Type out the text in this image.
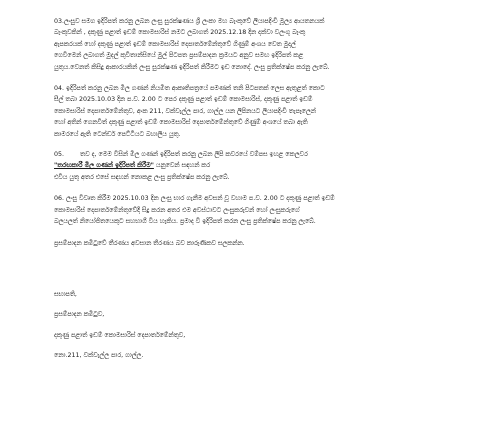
03.ලංසුව සමග ඉදිරිපත් කරනු ලබන ලංසු සුරක්ෂණය ශ්‍රී ලංකා මහ බැංකුවේ ලියාපදිංචි මූල්‍ය ආයතනයක්
බැංකුවකින් , දකුණු පළාත් ඉඩම් කොමසාරිස් නමට ලබාගත් 2025.12.18 දින දක්වා වලංගු බැංකු
ඇපකරයක් හෝ දකුණු පළාත් ඉඩම් කොමසාරිස් දෙපාර්තමේන්තුවේ ගිණුම් අංශය වෙත මුදල්
ගෙවීමෙන් ලබාගත් මුදල් කුවිතාන්සියේ මුල් පිටපත ප්‍රසම්පාදන ක්‍රමයට අනුව සමඟ ඉදිරිපත් කළ
යුතුය.වෙනත් කිසිදු ආකාරයකින් ලංසු සුරක්ෂණ ඉදිරිපත් කිරීමට ඉඩ නොදේ. ලංසු ප්‍රතික්ෂේප කරනු ලැබේ.

04. ඉදිරිපත් කරනු ලබන මිල ගණන් නියමිත ආකෘතිපත්‍රයේ පමණක් තනි පිටපතක් ලෙස ඇතුළත් කොට
සීල් තබා 2025.10.03 දින ප.ව. 2.00 ට පෙර දකුණු පළාත් ඉඩම් කොමසාරිස්, දකුණු පළාත් ඉඩම්
කොමසාරිස් දෙපාර්තමේන්තුව, අංක 211, වක්වැල්ල පාර, ගාල්ල යන ලිපිනයට ලියාපදිංචි තැපෑලෙන්
හෝ අතින් ගෙනවිත් දකුණු පළාත් ඉඩම් කොමසාරිස් දෙපාර්තමේන්තුවේ ගිණුම් අංශයේ තබා ඇති
කාමරයේ ඇති ටෙන්ඩර් පෙට්ටියට බහාලිය යුතු.

05.	තව ද, මෙම විසින් මිල ගණන් ඉදිරිපත් කරනු ලබන ලිපි කවරයේ වම්පස ඉහළ කෙලවර
"තරඟකාරී මිල ගණන් ඉදිරිපත් කිරීම" යනුවෙන් සඳහන් කර
එවිය යුතු අතර එසේ සඳහන් නොකළ ලංසු ප්‍රතික්ෂේප කරනු ලැබේ.

06. ලංසු විවෘත කිරීම 2025.10.03 දින ලංසු භාර ගැනීම අවසන් වූ වහාම ප.ව. 2.00 ට දකුණු පළාත් ඉඩම්
කොමසාරිස් දෙපාර්තමේන්තුවේදී සිදු කරන අතර එම අවස්ථාවට ලංසුකරුවන් හෝ ලංසුකරුගේ
බලයලත් නියෝජිතයෙකුට සහභාගී විය හැකිය. ප්‍රමාද වී ඉදිරිපත් කරන ලංසු ප්‍රතික්ෂේප කරනු ලැබේ.

ප්‍රසම්පාදන කමිටුවේ තීරණය අවසාන තීරණය බව කාරුණිකව සලකන්න.

සභාපති,
ප්‍රසම්පාදන කමිටුව,
දකුණු පළාත් ඉඩම් කොමසාරිස් දෙපාර්තමේන්තුව,
නො.211, වක්වැල්ල පාර, ගාල්ල.
